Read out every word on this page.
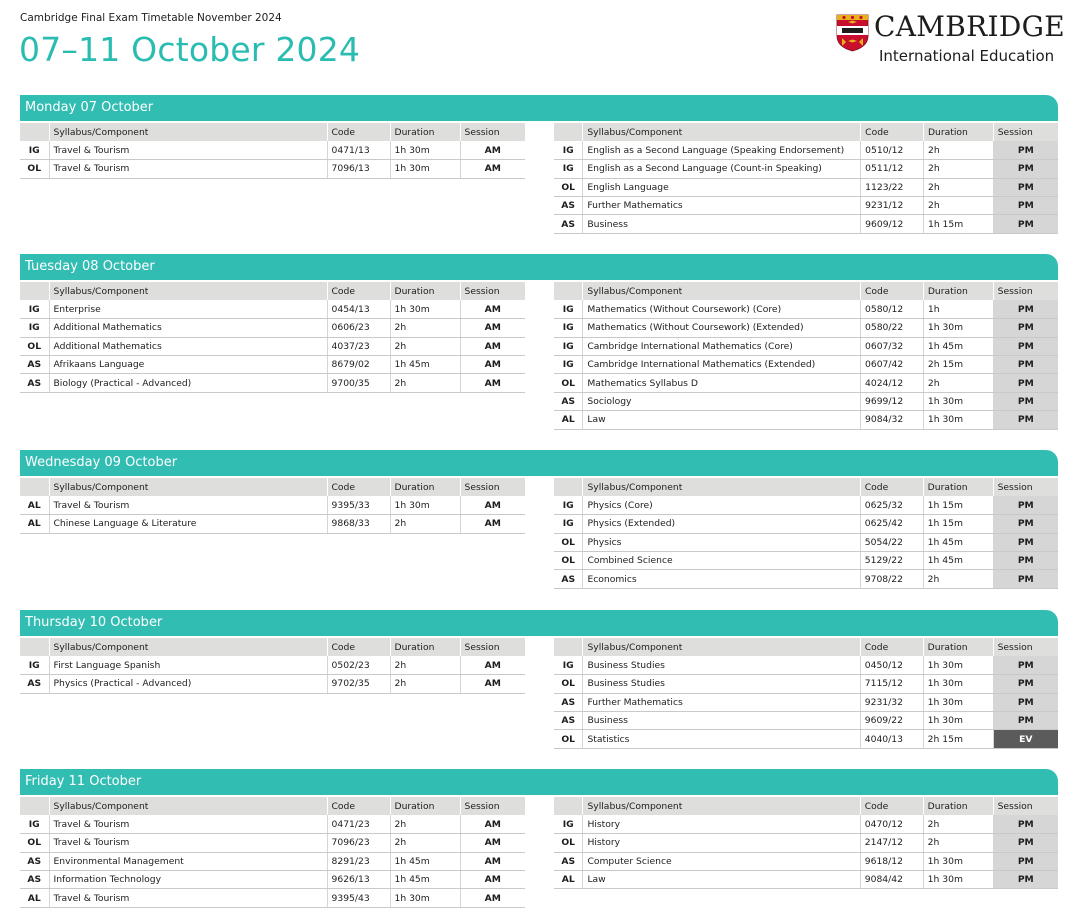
Cambridge Final Exam Timetable November 2024
07–11 October 2024
CAMBRIDGE
International Education
Monday 07 October
	Syllabus/Component	Code	Duration	Session
IG	Travel & Tourism	0471/13	1h 30m	AM
OL	Travel & Tourism	7096/13	1h 30m	AM
	Syllabus/Component	Code	Duration	Session
IG	English as a Second Language (Speaking Endorsement)	0510/12	2h	PM
IG	English as a Second Language (Count-in Speaking)	0511/12	2h	PM
OL	English Language	1123/22	2h	PM
AS	Further Mathematics	9231/12	2h	PM
AS	Business	9609/12	1h 15m	PM
Tuesday 08 October
	Syllabus/Component	Code	Duration	Session
IG	Enterprise	0454/13	1h 30m	AM
IG	Additional Mathematics	0606/23	2h	AM
OL	Additional Mathematics	4037/23	2h	AM
AS	Afrikaans Language	8679/02	1h 45m	AM
AS	Biology (Practical - Advanced)	9700/35	2h	AM
	Syllabus/Component	Code	Duration	Session
IG	Mathematics (Without Coursework) (Core)	0580/12	1h	PM
IG	Mathematics (Without Coursework) (Extended)	0580/22	1h 30m	PM
IG	Cambridge International Mathematics (Core)	0607/32	1h 45m	PM
IG	Cambridge International Mathematics (Extended)	0607/42	2h 15m	PM
OL	Mathematics Syllabus D	4024/12	2h	PM
AS	Sociology	9699/12	1h 30m	PM
AL	Law	9084/32	1h 30m	PM
Wednesday 09 October
	Syllabus/Component	Code	Duration	Session
AL	Travel & Tourism	9395/33	1h 30m	AM
AL	Chinese Language & Literature	9868/33	2h	AM
	Syllabus/Component	Code	Duration	Session
IG	Physics (Core)	0625/32	1h 15m	PM
IG	Physics (Extended)	0625/42	1h 15m	PM
OL	Physics	5054/22	1h 45m	PM
OL	Combined Science	5129/22	1h 45m	PM
AS	Economics	9708/22	2h	PM
Thursday 10 October
	Syllabus/Component	Code	Duration	Session
IG	First Language Spanish	0502/23	2h	AM
AS	Physics (Practical - Advanced)	9702/35	2h	AM
	Syllabus/Component	Code	Duration	Session
IG	Business Studies	0450/12	1h 30m	PM
OL	Business Studies	7115/12	1h 30m	PM
AS	Further Mathematics	9231/32	1h 30m	PM
AS	Business	9609/22	1h 30m	PM
OL	Statistics	4040/13	2h 15m	EV
Friday 11 October
	Syllabus/Component	Code	Duration	Session
IG	Travel & Tourism	0471/23	2h	AM
OL	Travel & Tourism	7096/23	2h	AM
AS	Environmental Management	8291/23	1h 45m	AM
AS	Information Technology	9626/13	1h 45m	AM
AL	Travel & Tourism	9395/43	1h 30m	AM
	Syllabus/Component	Code	Duration	Session
IG	History	0470/12	2h	PM
OL	History	2147/12	2h	PM
AS	Computer Science	9618/12	1h 30m	PM
AL	Law	9084/42	1h 30m	PM
